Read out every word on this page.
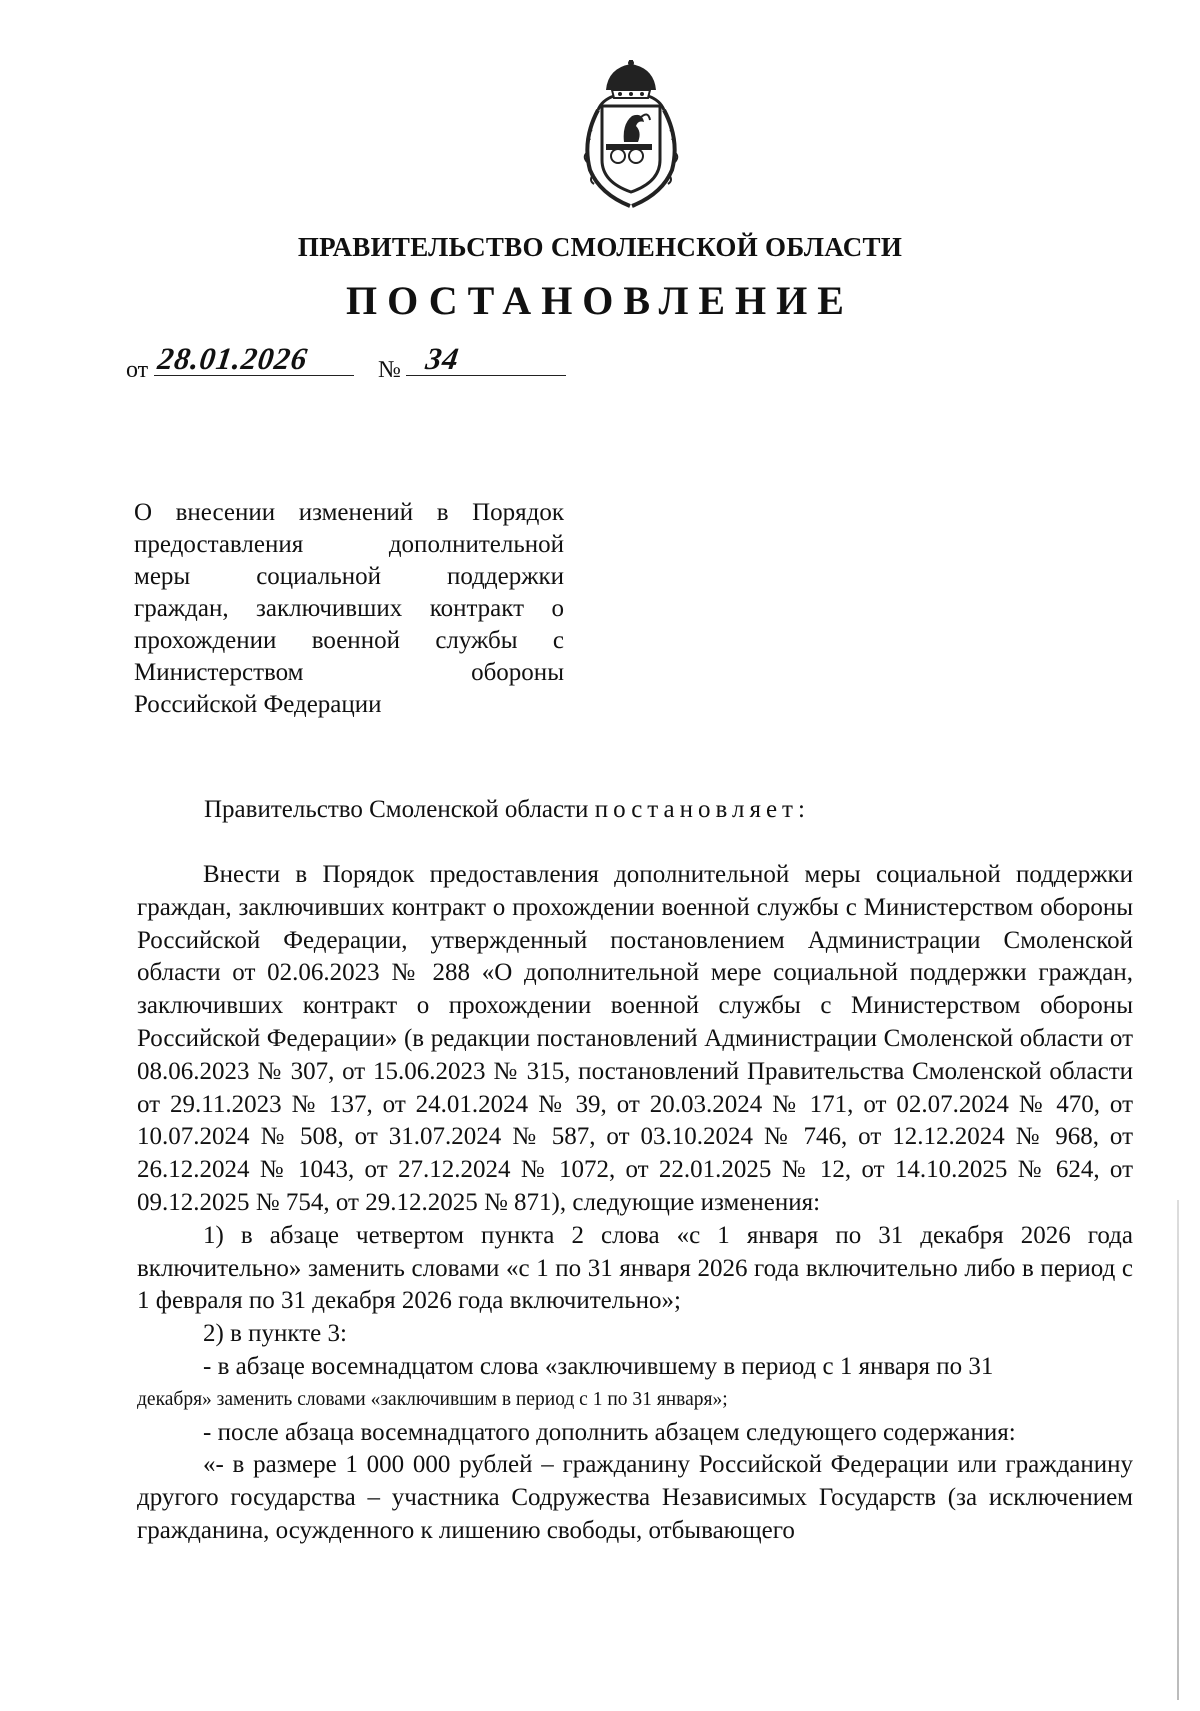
ПРАВИТЕЛЬСТВО СМОЛЕНСКОЙ ОБЛАСТИ
ПОСТАНОВЛЕНИЕ
от 28.01.2026	№ 34
О внесении изменений в Порядок
предоставления дополнительной
меры социальной поддержки
граждан, заключивших контракт о
прохождении военной службы с
Министерством обороны
Российской Федерации
Правительство Смоленской области постановляет:

Внести в Порядок предоставления дополнительной меры социальной поддержки граждан, заключивших контракт о прохождении военной службы с Министерством обороны Российской Федерации, утвержденный постановлением Администрации Смоленской области от 02.06.2023 № 288 «О дополнительной мере социальной поддержки граждан, заключивших контракт о прохождении военной службы с Министерством обороны Российской Федерации» (в редакции постановлений Администрации Смоленской области от 08.06.2023 № 307, от 15.06.2023 № 315, постановлений Правительства Смоленской области от 29.11.2023 № 137, от 24.01.2024 № 39, от 20.03.2024 № 171, от 02.07.2024 № 470, от 10.07.2024 № 508, от 31.07.2024 № 587, от 03.10.2024 № 746, от 12.12.2024 № 968, от 26.12.2024 № 1043, от 27.12.2024 № 1072, от 22.01.2025 № 12, от 14.10.2025 № 624, от 09.12.2025 № 754, от 29.12.2025 № 871), следующие изменения:

1) в абзаце четвертом пункта 2 слова «с 1 января по 31 декабря 2026 года включительно» заменить словами «с 1 по 31 января 2026 года включительно либо в период с 1 февраля по 31 декабря 2026 года включительно»;

2) в пункте 3:

- в абзаце восемнадцатом слова «заключившему в период с 1 января по 31

декабря» заменить словами «заключившим в период с 1 по 31 января»;

- после абзаца восемнадцатого дополнить абзацем следующего содержания:

«- в размере 1 000 000 рублей – гражданину Российской Федерации или гражданину другого государства – участника Содружества Независимых Государств (за исключением гражданина, осужденного к лишению свободы, отбывающего
